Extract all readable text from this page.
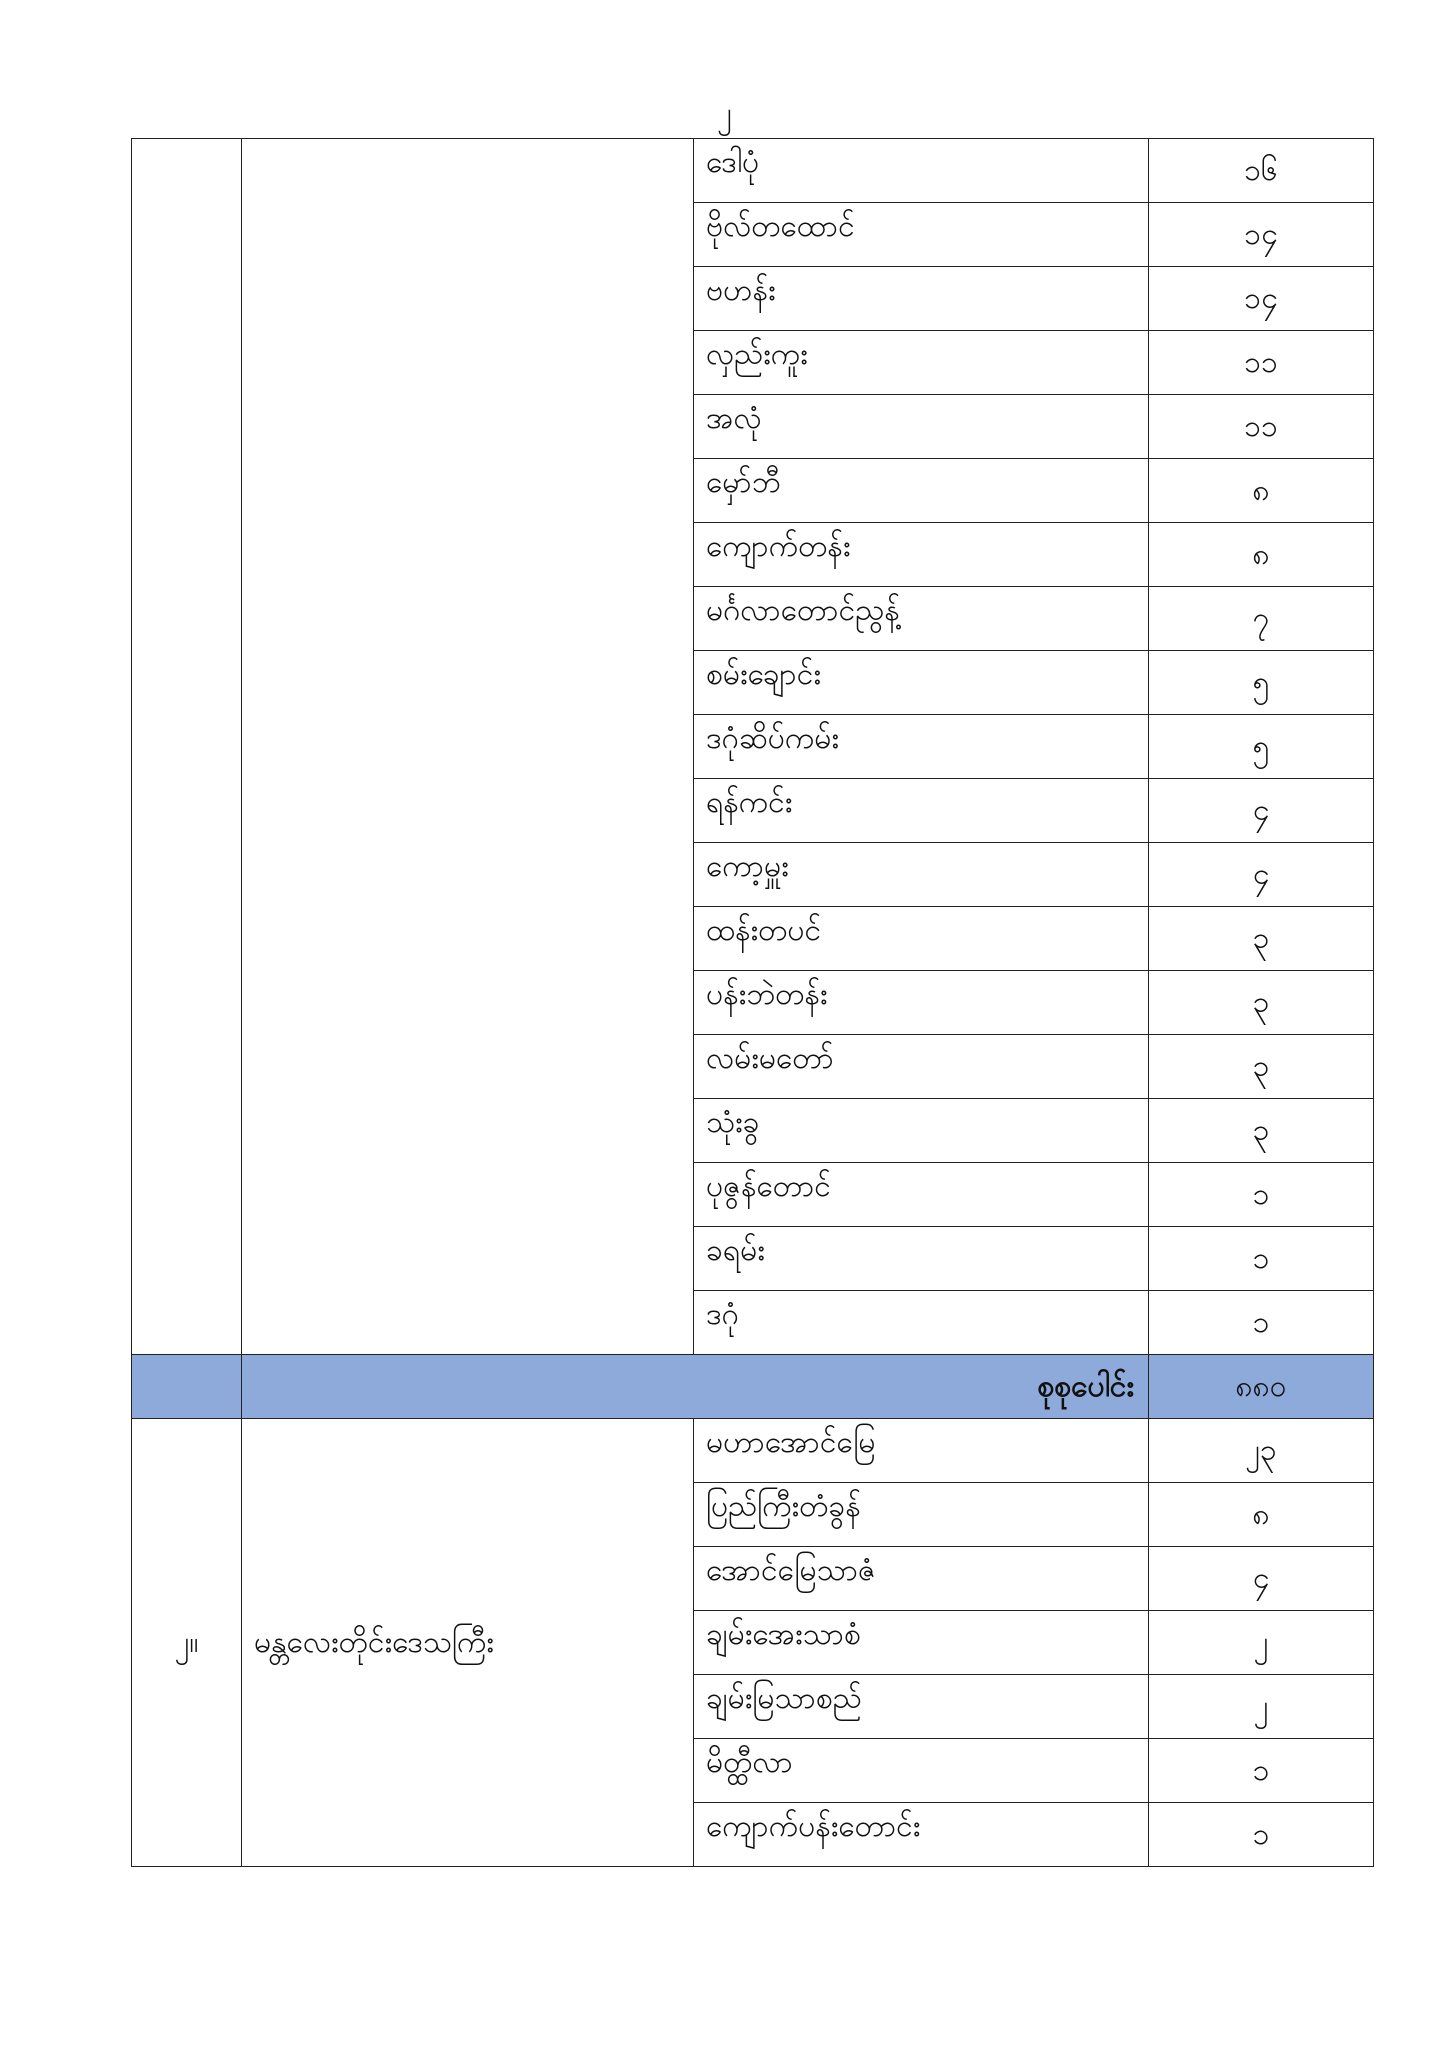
၂
		ဒေါပုံ	၁၆
		ဗိုလ်တထောင်	၁၄
		ဗဟန်း	၁၄
		လှည်းကူး	၁၁
		အလုံ	၁၁
		မှော်ဘီ	၈
		ကျောက်တန်း	၈
		မင်္ဂလာတောင်ညွန့်	၇
		စမ်းချောင်း	၅
		ဒဂုံဆိပ်ကမ်း	၅
		ရန်ကင်း	၄
		ကော့မှူး	၄
		ထန်းတပင်	၃
		ပန်းဘဲတန်း	၃
		လမ်းမတော်	၃
		သုံးခွ	၃
		ပုဇွန်တောင်	၁
		ခရမ်း	၁
		ဒဂုံ	၁
	စုစုပေါင်း		၈၈၀
၂။	မန္တလေးတိုင်းဒေသကြီး	မဟာအောင်မြေ	၂၃
		ပြည်ကြီးတံခွန်	၈
		အောင်မြေသာဇံ	၄
		ချမ်းအေးသာစံ	၂
		ချမ်းမြသာစည်	၂
		မိတ္ထီလာ	၁
		ကျောက်ပန်းတောင်း	၁
